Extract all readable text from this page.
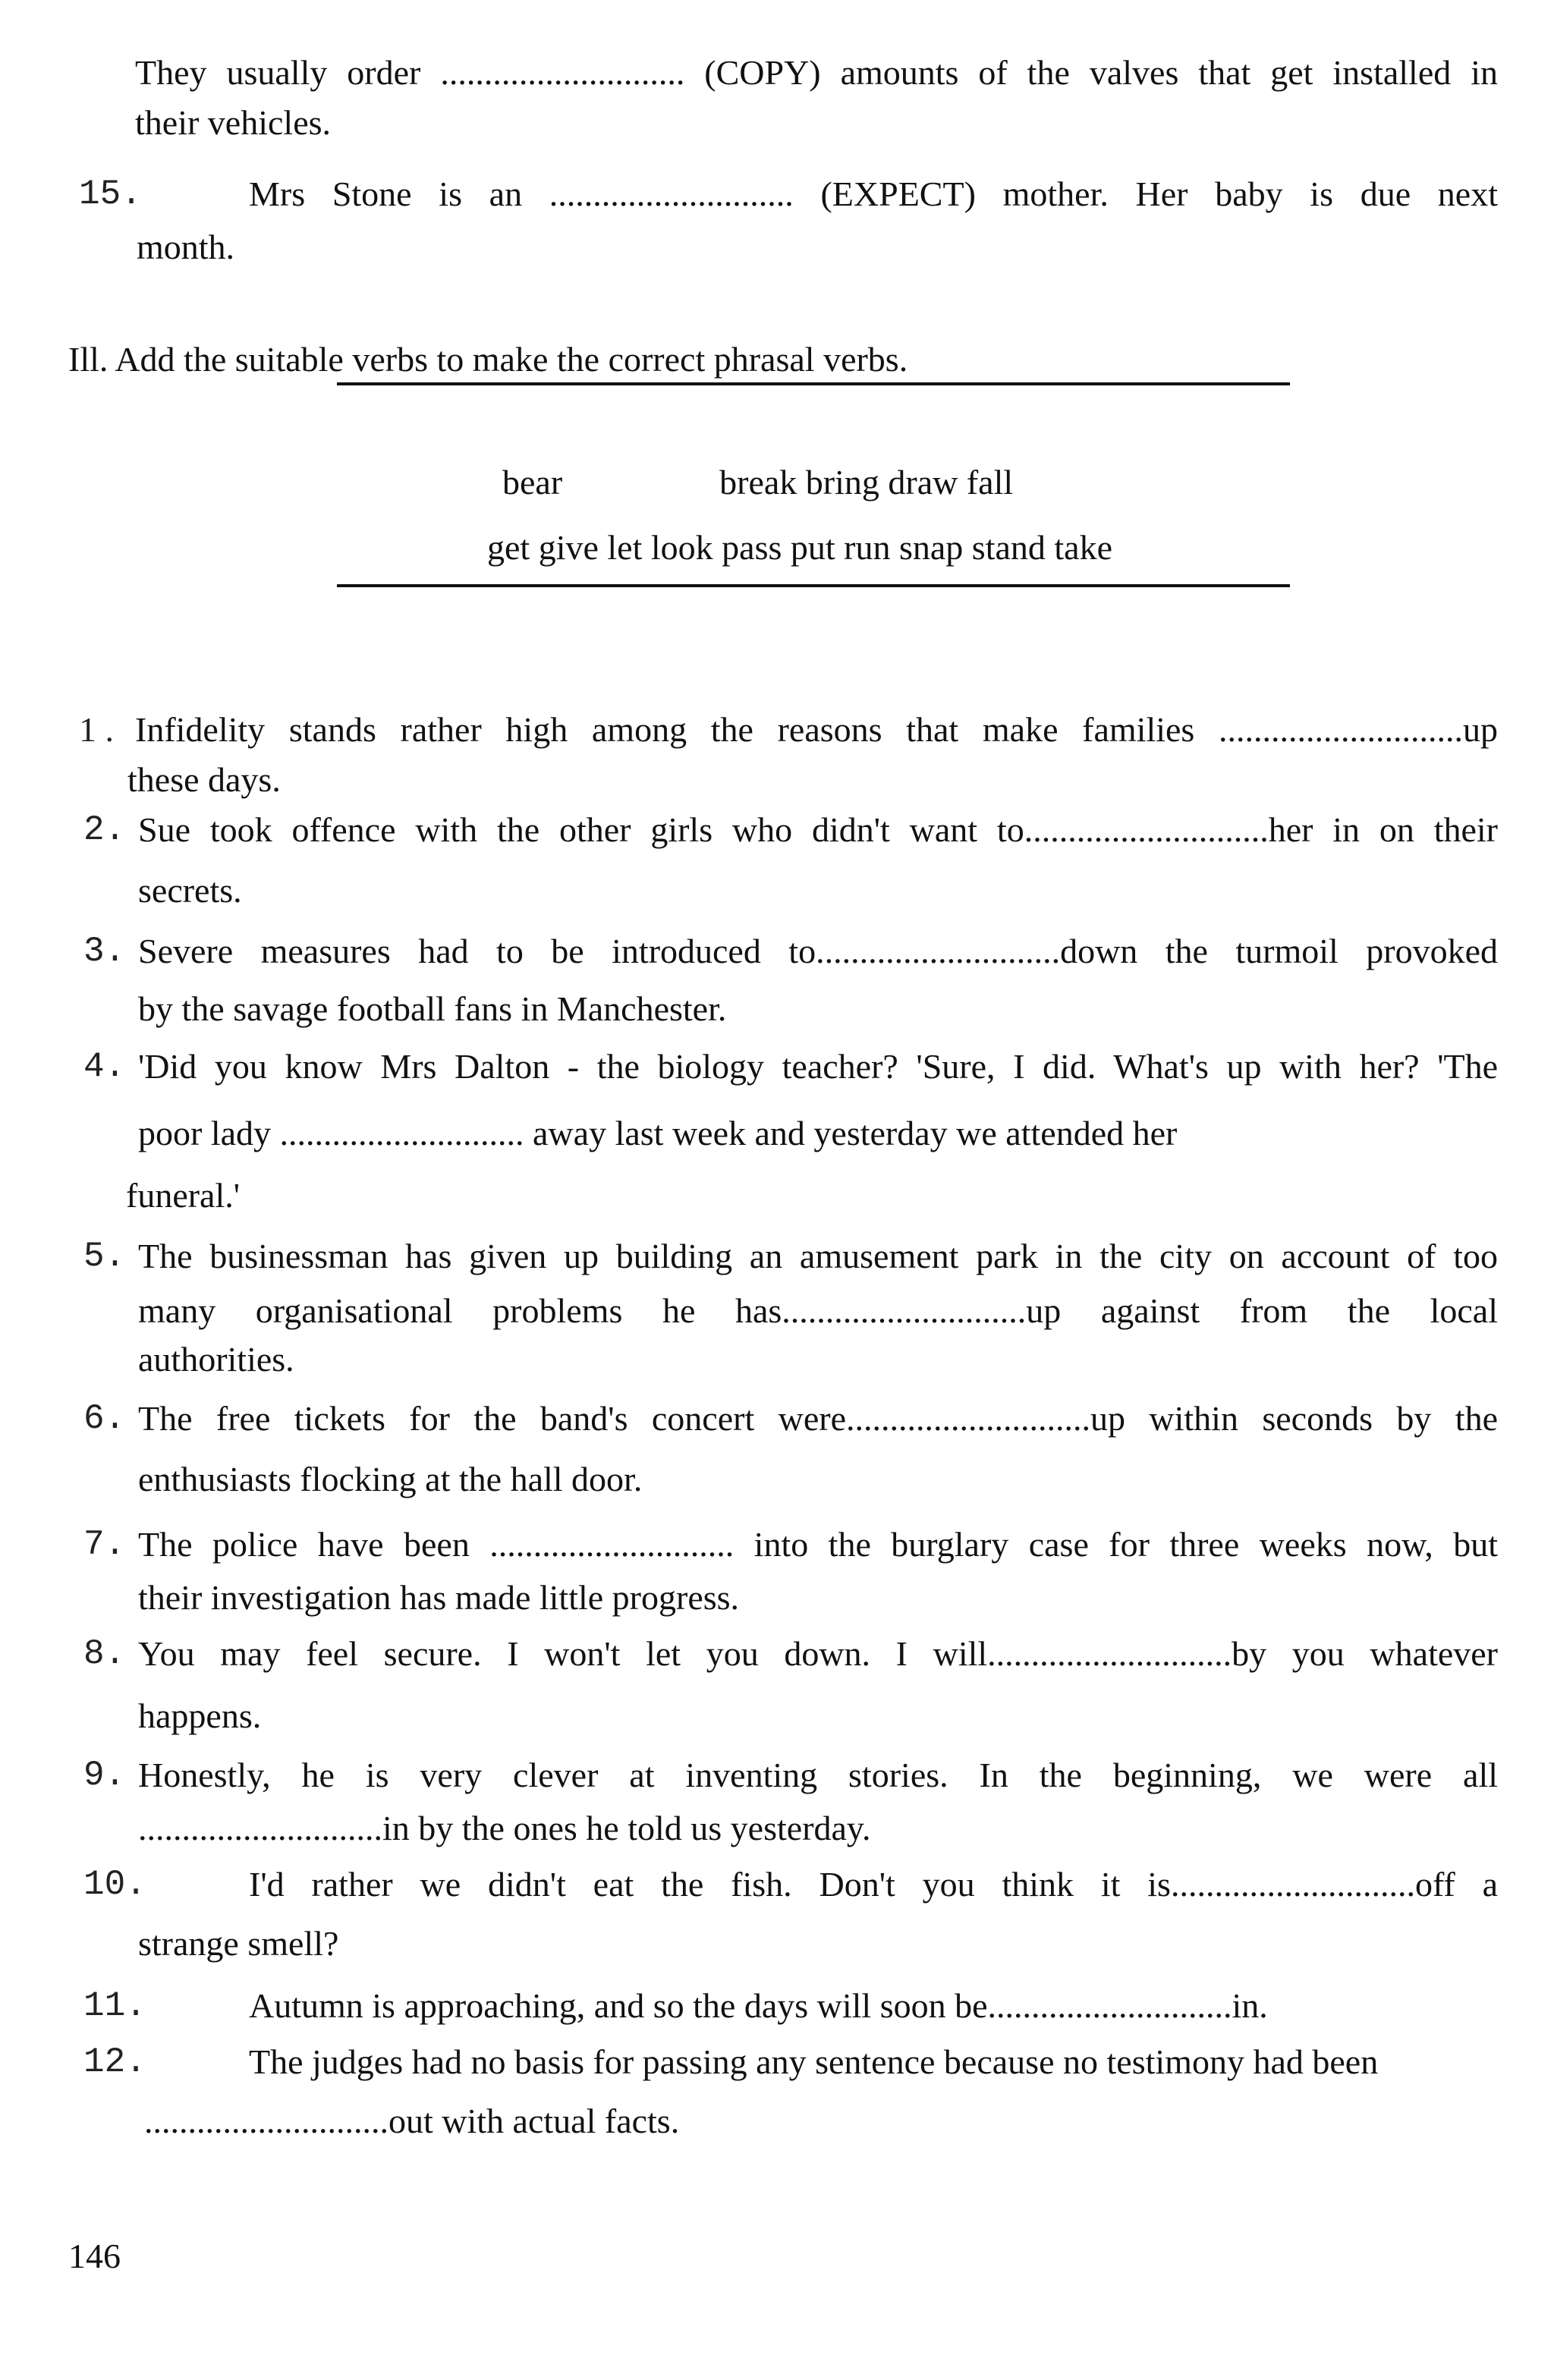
They usually order ............................ (COPY) amounts of the valves that get installed in
their vehicles.
15.	Mrs Stone is an ............................ (EXPECT) mother. Her baby is due next
month.
Ill. Add the suitable verbs to make the correct phrasal verbs.
bear                  break bring draw fall
get give let look pass put run snap stand take
1 . Infidelity stands rather high among the reasons that make families ............................up
these days.
2. Sue took offence with the other girls who didn't want to............................her in on their
secrets.
3. Severe measures had to be introduced to............................down the turmoil provoked
by the savage football fans in Manchester.
4. 'Did you know Mrs Dalton - the biology teacher? 'Sure, I did. What's up with her? 'The
poor lady ............................ away last week and yesterday we attended her
funeral.'
5. The businessman has given up building an amusement park in the city on account of too
many organisational problems he has............................up against from the local
authorities.
6. The free tickets for the band's concert were............................up within seconds by the
enthusiasts flocking at the hall door.
7. The police have been ............................ into the burglary case for three weeks now, but
their investigation has made little progress.
8. You may feel secure. I won't let you down. I will............................by you whatever
happens.
9. Honestly, he is very clever at inventing stories. In the beginning, we were all
............................in by the ones he told us yesterday.
10.	I'd rather we didn't eat the fish. Don't you think it is............................off a
strange smell?
11.	Autumn is approaching, and so the days will soon be............................in.
12.	The judges had no basis for passing any sentence because no testimony had been
............................out with actual facts.
146
